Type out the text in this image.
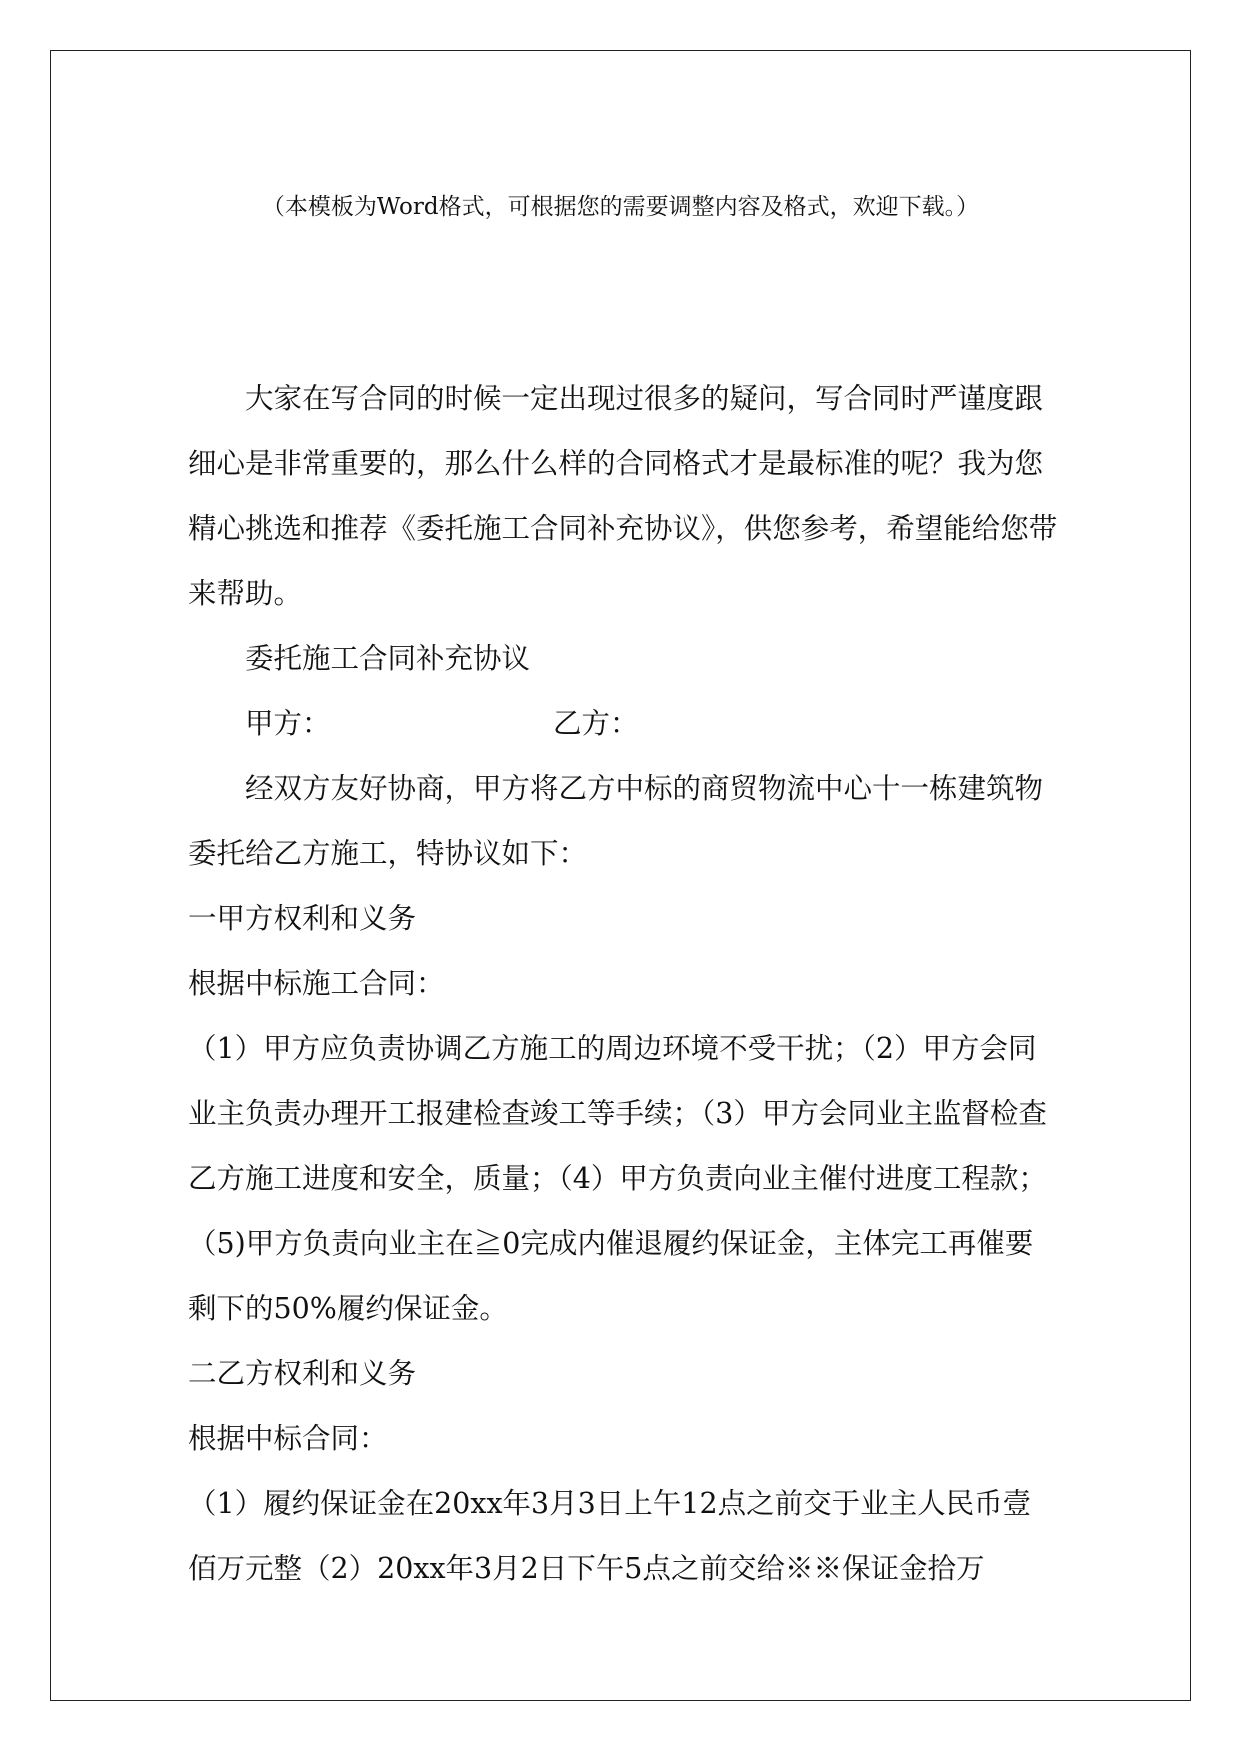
（本模板为Word格式，可根据您的需要调整内容及格式，欢迎下载。）

大家在写合同的时候一定出现过很多的疑问，写合同时严谨度跟细心是非常重要的，那么什么样的合同格式才是最标准的呢？我为您精心挑选和推荐《委托施工合同补充协议》，供您参考，希望能给您带来帮助。

委托施工合同补充协议

甲方：	乙方：

经双方友好协商，甲方将乙方中标的商贸物流中心十一栋建筑物委托给乙方施工，特协议如下：

一甲方权利和义务

根据中标施工合同：

（1）甲方应负责协调乙方施工的周边环境不受干扰；（2）甲方会同业主负责办理开工报建检查竣工等手续；（3）甲方会同业主监督检查乙方施工进度和安全，质量；（4）甲方负责向业主催付进度工程款；（5)甲方负责向业主在≧0完成内催退履约保证金，主体完工再催要剩下的50%履约保证金。

二乙方权利和义务

根据中标合同：

（1）履约保证金在20xx年3月3日上午12点之前交于业主人民币壹佰万元整（2）20xx年3月2日下午5点之前交给※※保证金拾万
